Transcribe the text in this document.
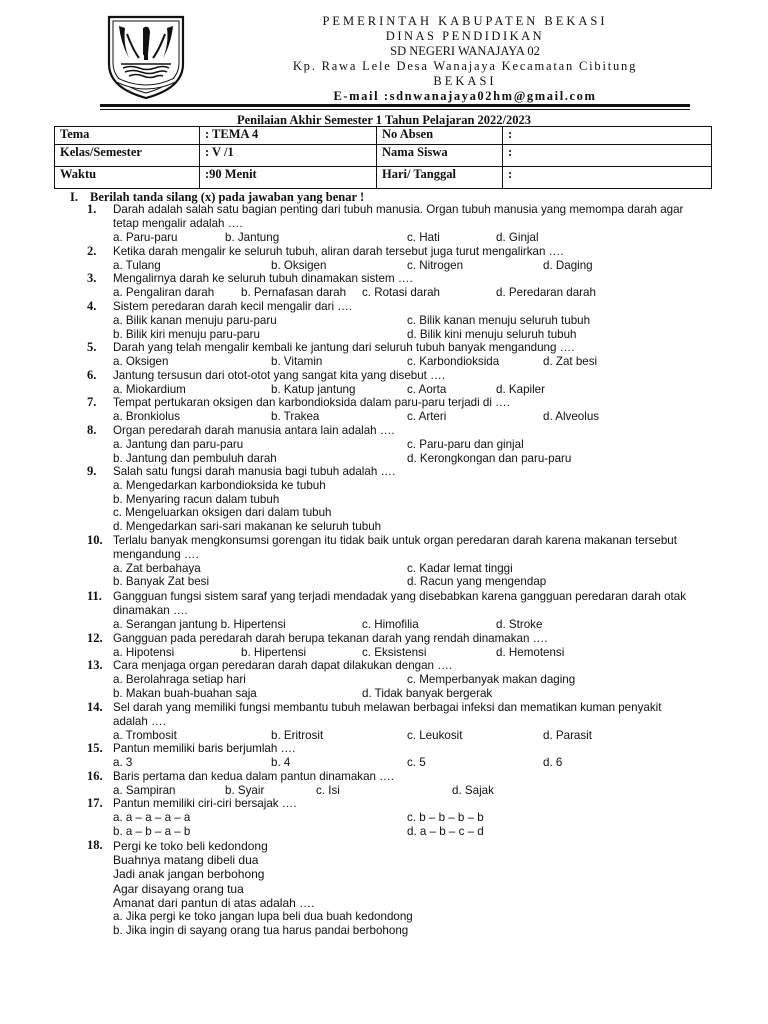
PEMERINTAH KABUPATEN BEKASI
DINAS PENDIDIKAN
SD NEGERI WANAJAYA 02
Kp. Rawa Lele Desa Wanajaya Kecamatan Cibitung
BEKASI
E-mail :sdnwanajaya02hm@gmail.com
Penilaian Akhir Semester 1 Tahun Pelajaran 2022/2023
Tema	: TEMA 4	No Absen	:
Kelas/Semester	: V /1	Nama Siswa	:
Waktu	:90 Menit	Hari/ Tanggal	:
I. Berilah tanda silang (x) pada jawaban yang benar !
1.	Darah adalah salah satu bagian penting dari tubuh manusia. Organ tubuh manusia yang memompa darah agar tetap mengalir adalah ….
a. Paru-paru	b. Jantung	c. Hati	d. Ginjal
2.	Ketika darah mengalir ke seluruh tubuh, aliran darah tersebut juga turut mengalirkan ….
a. Tulang	b. Oksigen	c. Nitrogen	d. Daging
3.	Mengalirnya darah ke seluruh tubuh dinamakan sistem ….
a. Pengaliran darah b. Pernafasan darah c. Rotasi darah	d. Peredaran darah
4.	Sistem peredaran darah kecil mengalir dari ….
a. Bilik kanan menuju paru-paru	c. Bilik kanan menuju seluruh tubuh
b. Bilik kiri menuju paru-paru	d. Bilik kini menuju seluruh tubuh
5.	Darah yang telah mengalir kembali ke jantung dari seluruh tubuh banyak mengandung ….
a. Oksigen	b. Vitamin	c. Karbondioksida	d. Zat besi
6.	Jantung tersusun dari otot-otot yang sangat kita yang disebut ….
a. Miokardium	b. Katup jantung	c. Aorta	d. Kapiler
7.	Tempat pertukaran oksigen dan karbondioksida dalam paru-paru terjadi di ….
a. Bronkiolus	b. Trakea	c. Arteri	d. Alveolus
8.	Organ peredarah darah manusia antara lain adalah ….
a. Jantung dan paru-paru	c. Paru-paru dan ginjal
b. Jantung dan pembuluh darah	d. Kerongkongan dan paru-paru
9.	Salah satu fungsi darah manusia bagi tubuh adalah ….
a. Mengedarkan karbondioksida ke tubuh
b. Menyaring racun dalam tubuh
c. Mengeluarkan oksigen dari dalam tubuh
d. Mengedarkan sari-sari makanan ke seluruh tubuh
10. Terlalu banyak mengkonsumsi gorengan itu tidak baik untuk organ peredaran darah karena makanan tersebut mengandung ….
a. Zat berbahaya	c. Kadar lemat tinggi
b. Banyak Zat besi	d. Racun yang mengendap
11. Gangguan fungsi sistem saraf yang terjadi mendadak yang disebabkan karena gangguan peredaran darah otak dinamakan ….
a. Serangan jantung b. Hipertensi	c. Himofilia	d. Stroke
12. Gangguan pada peredarah darah berupa tekanan darah yang rendah dinamakan ….
a. Hipotensi	b. Hipertensi	c. Eksistensi	d. Hemotensi
13. Cara menjaga organ peredaran darah dapat dilakukan dengan ….
a. Berolahraga setiap hari	c. Memperbanyak makan daging
b. Makan buah-buahan saja	d. Tidak banyak bergerak
14. Sel darah yang memiliki fungsi membantu tubuh melawan berbagai infeksi dan mematikan kuman penyakit adalah ….
a. Trombosit	b. Eritrosit	c. Leukosit	d. Parasit
15. Pantun memiliki baris berjumlah ….
a. 3	b. 4	c. 5	d. 6
16. Baris pertama dan kedua dalam pantun dinamakan ….
a. Sampiran	b. Syair	c. Isi	d. Sajak
17. Pantun memiliki ciri-ciri bersajak ….
a. a – a – a – a	c. b – b – b – b
b. a – b – a – b	d. a – b – c – d
18. Pergi ke toko beli kedondong
Buahnya matang dibeli dua
Jadi anak jangan berbohong
Agar disayang orang tua
Amanat dari pantun di atas adalah ….
a. Jika pergi ke toko jangan lupa beli dua buah kedondong
b. Jika ingin di sayang orang tua harus pandai berbohong
